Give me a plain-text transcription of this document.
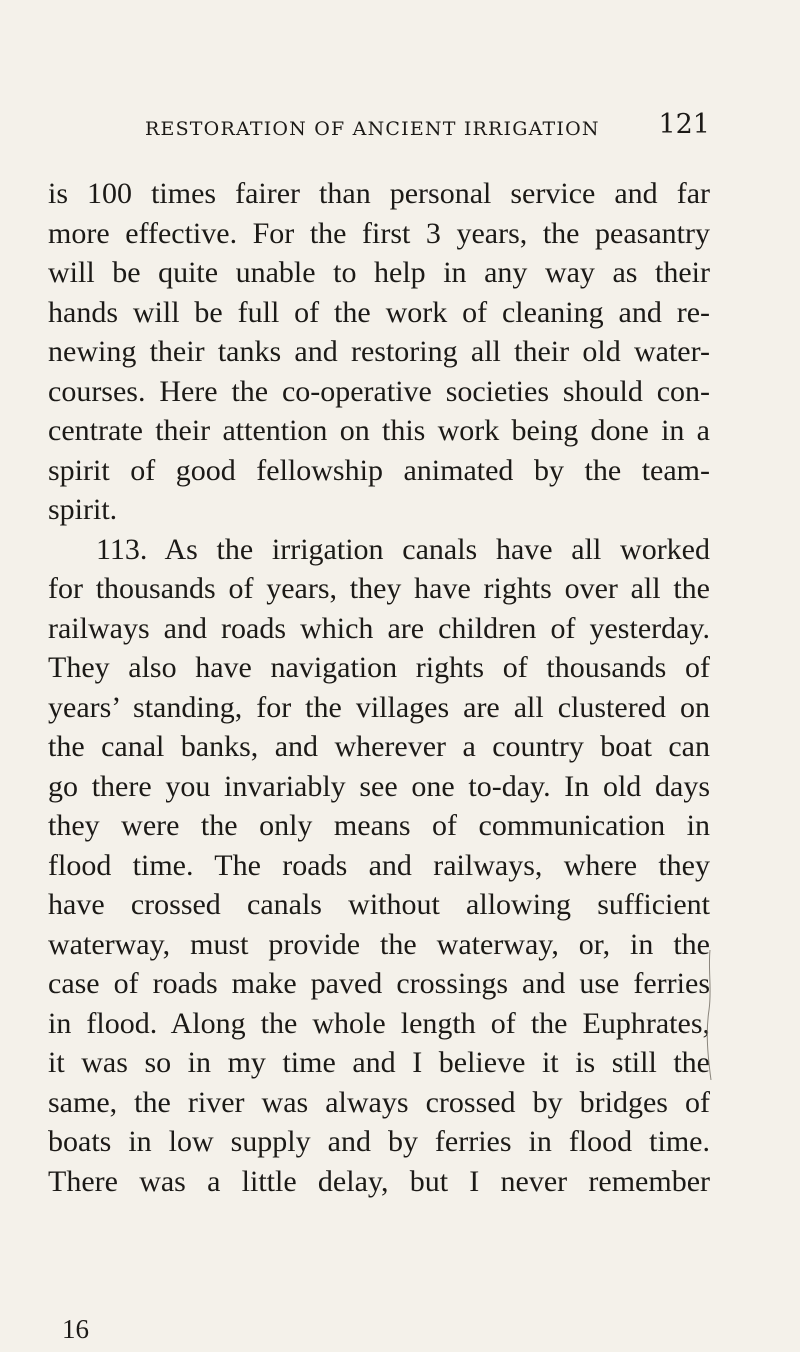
RESTORATION OF ANCIENT IRRIGATION 121
is 100 times fairer than personal service and far
more effective. For the first 3 years, the peasantry
will be quite unable to help in any way as their
hands will be full of the work of cleaning and re-
newing their tanks and restoring all their old water-
courses. Here the co-operative societies should con-
centrate their attention on this work being done in a
spirit of good fellowship animated by the team-
spirit.
113. As the irrigation canals have all worked
for thousands of years, they have rights over all the
railways and roads which are children of yesterday.
They also have navigation rights of thousands of
years’ standing, for the villages are all clustered on
the canal banks, and wherever a country boat can
go there you invariably see one to-day. In old days
they were the only means of communication in
flood time. The roads and railways, where they
have crossed canals without allowing sufficient
waterway, must provide the waterway, or, in the
case of roads make paved crossings and use ferries
in flood. Along the whole length of the Euphrates,
it was so in my time and I believe it is still the
same, the river was always crossed by bridges of
boats in low supply and by ferries in flood time.
There was a little delay, but I never remember
16
